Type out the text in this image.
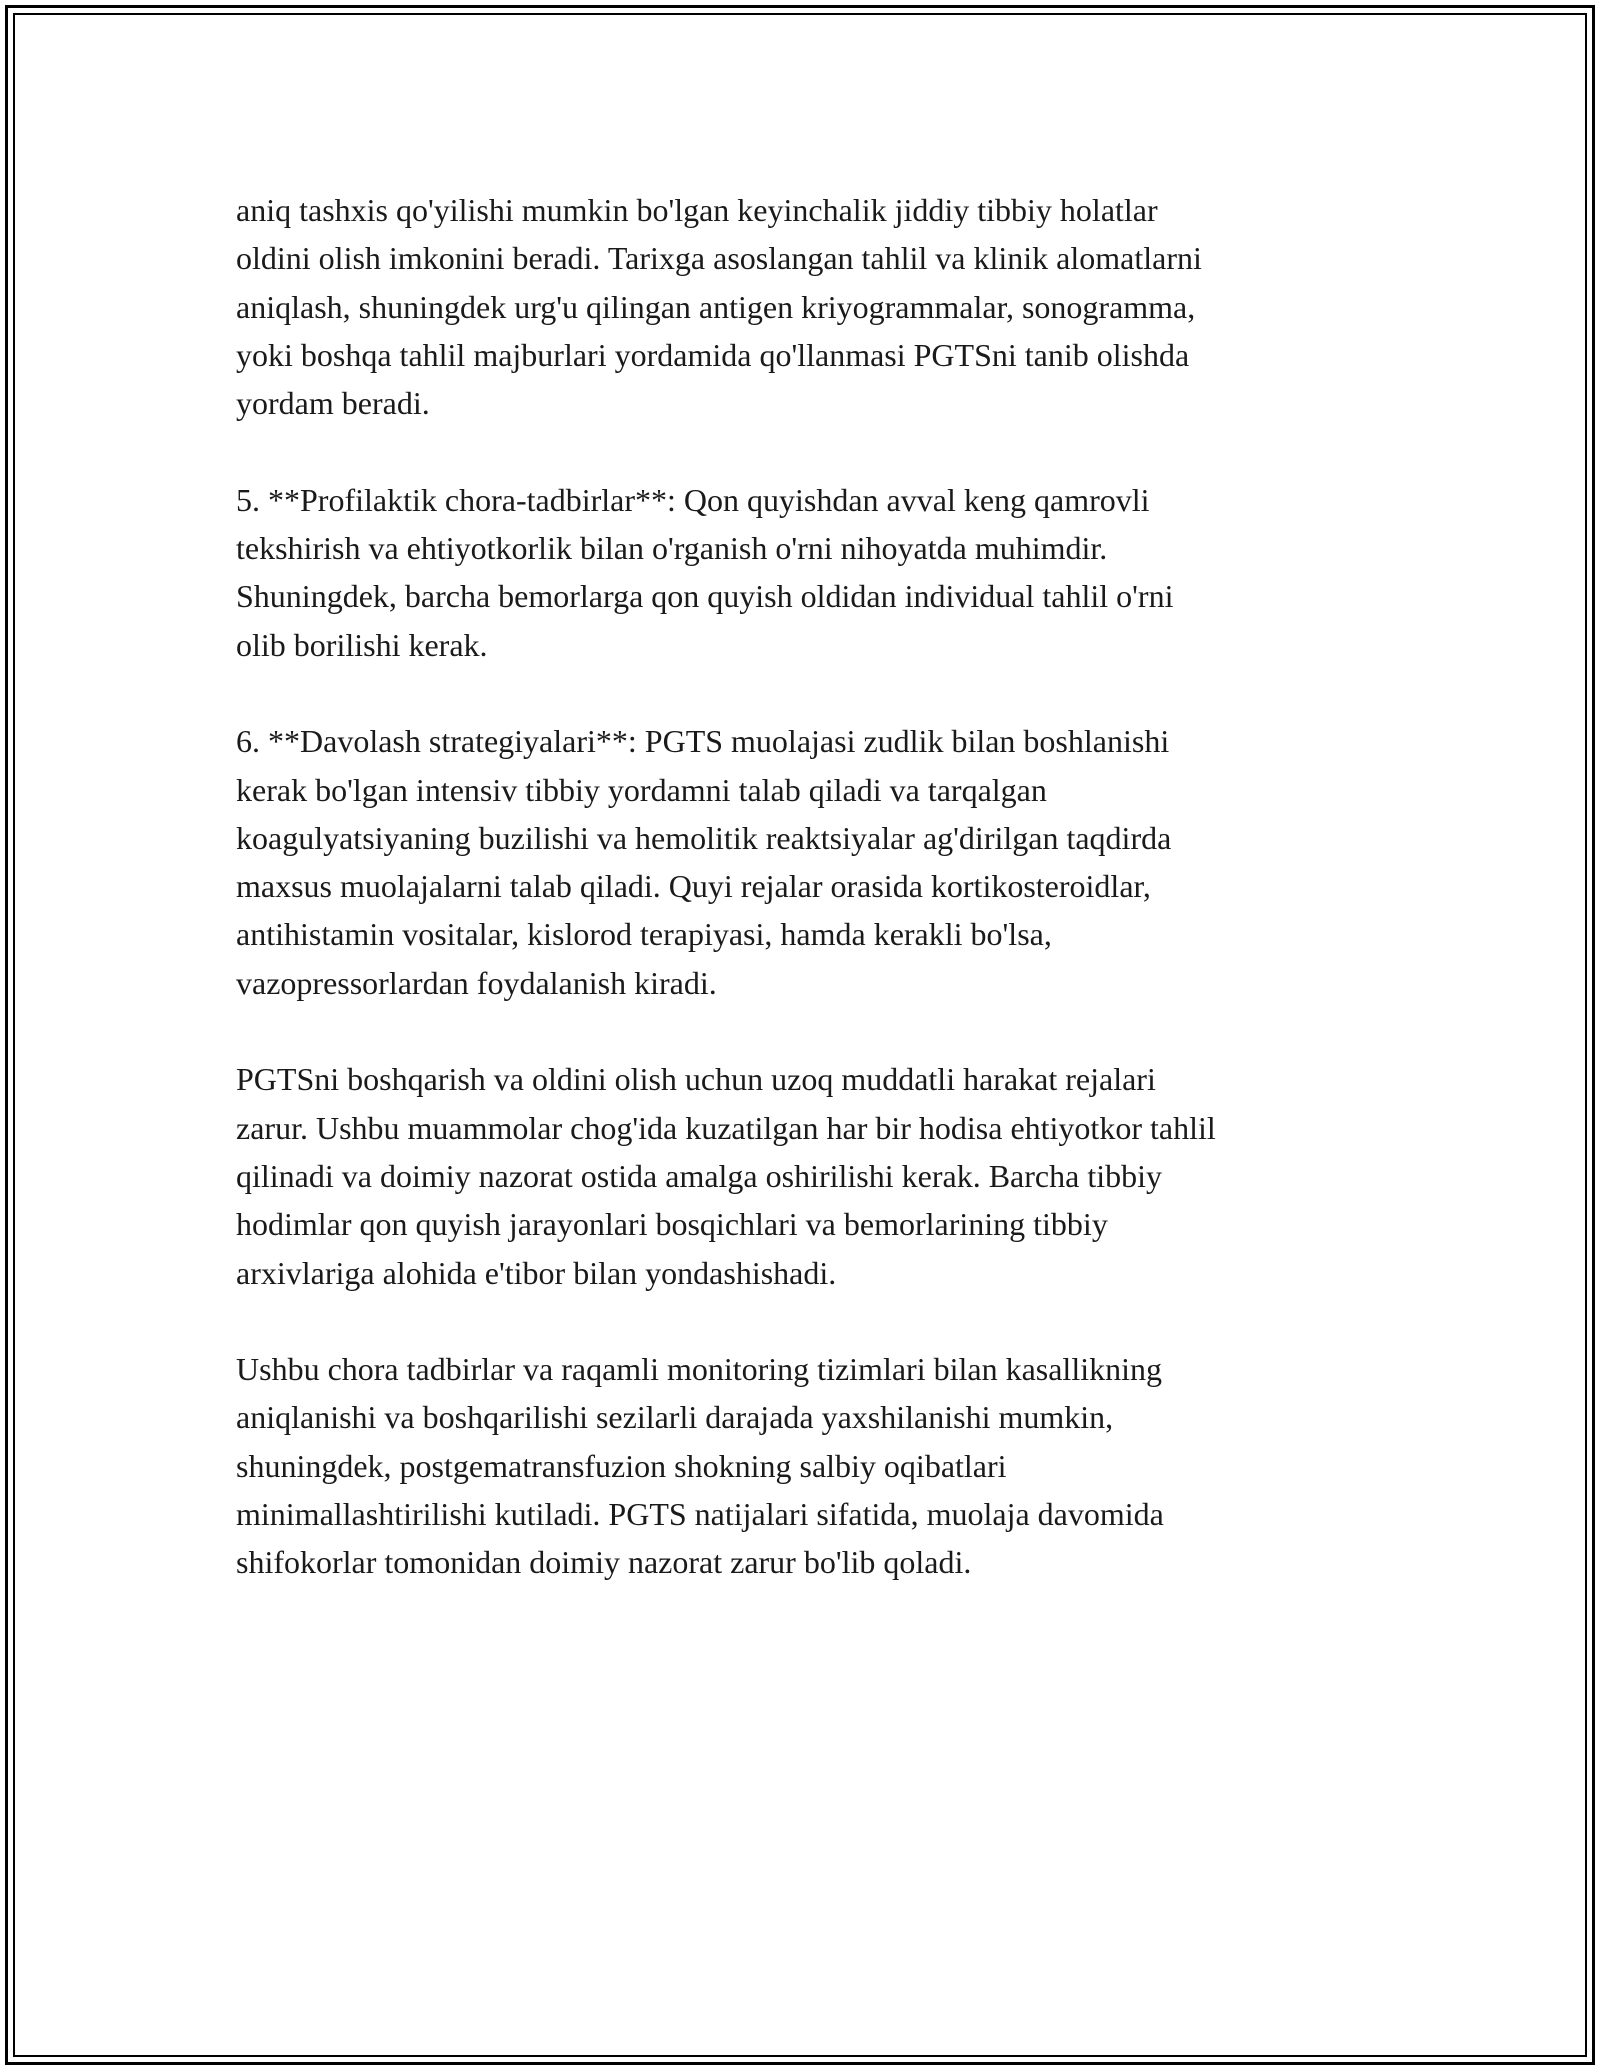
aniq tashxis qo'yilishi mumkin bo'lgan keyinchalik jiddiy tibbiy holatlar
oldini olish imkonini beradi. Tarixga asoslangan tahlil va klinik alomatlarni
aniqlash, shuningdek urg'u qilingan antigen kriyogrammalar, sonogramma,
yoki boshqa tahlil majburlari yordamida qo'llanmasi PGTSni tanib olishda
yordam beradi.

5. **Profilaktik chora-tadbirlar**: Qon quyishdan avval keng qamrovli
tekshirish va ehtiyotkorlik bilan o'rganish o'rni nihoyatda muhimdir.
Shuningdek, barcha bemorlarga qon quyish oldidan individual tahlil o'rni
olib borilishi kerak.

6. **Davolash strategiyalari**: PGTS muolajasi zudlik bilan boshlanishi
kerak bo'lgan intensiv tibbiy yordamni talab qiladi va tarqalgan
koagulyatsiyaning buzilishi va hemolitik reaktsiyalar ag'dirilgan taqdirda
maxsus muolajalarni talab qiladi. Quyi rejalar orasida kortikosteroidlar,
antihistamin vositalar, kislorod terapiyasi, hamda kerakli bo'lsa,
vazopressorlardan foydalanish kiradi.

PGTSni boshqarish va oldini olish uchun uzoq muddatli harakat rejalari
zarur. Ushbu muammolar chog'ida kuzatilgan har bir hodisa ehtiyotkor tahlil
qilinadi va doimiy nazorat ostida amalga oshirilishi kerak. Barcha tibbiy
hodimlar qon quyish jarayonlari bosqichlari va bemorlarining tibbiy
arxivlariga alohida e'tibor bilan yondashishadi.

Ushbu chora tadbirlar va raqamli monitoring tizimlari bilan kasallikning
aniqlanishi va boshqarilishi sezilarli darajada yaxshilanishi mumkin,
shuningdek, postgematransfuzion shokning salbiy oqibatlari
minimallashtirilishi kutiladi. PGTS natijalari sifatida, muolaja davomida
shifokorlar tomonidan doimiy nazorat zarur bo'lib qoladi.
